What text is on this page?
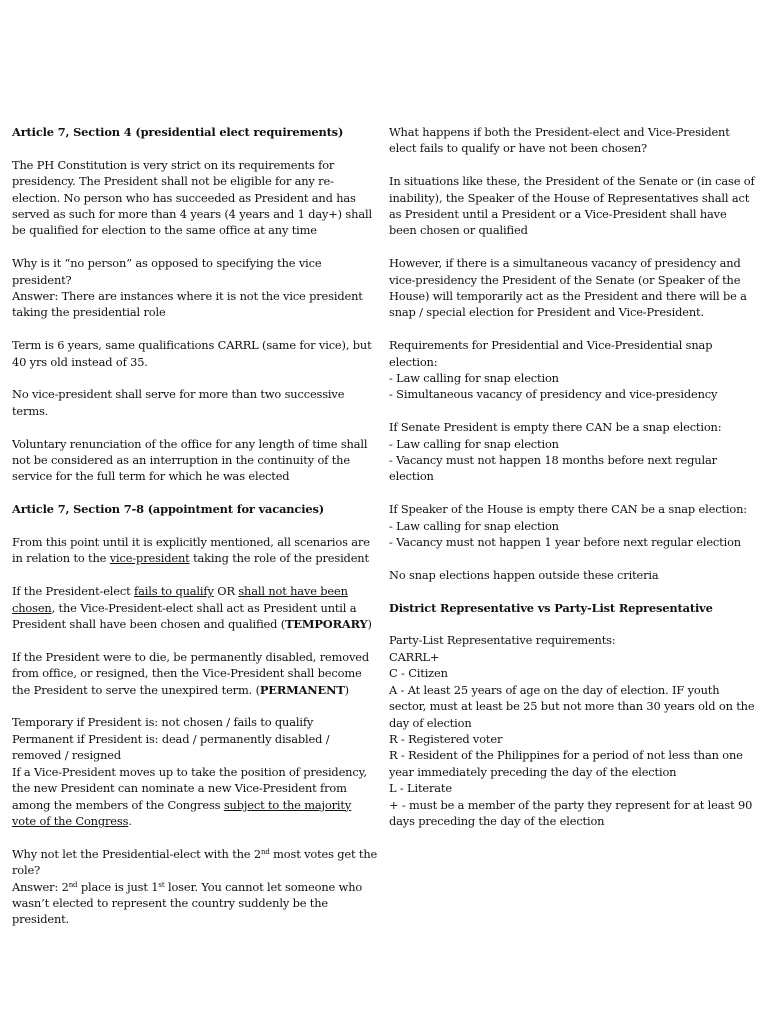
Article 7, Section 4 (presidential elect requirements)

The PH Constitution is very strict on its requirements for presidency. The President shall not be eligible for any re-election. No person who has succeeded as President and has served as such for more than 4 years (4 years and 1 day+) shall be qualified for election to the same office at any time

Why is it “no person” as opposed to specifying the vice president?
Answer: There are instances where it is not the vice president taking the presidential role

Term is 6 years, same qualifications CARRL (same for vice), but 40 yrs old instead of 35.

No vice-president shall serve for more than two successive terms.

Voluntary renunciation of the office for any length of time shall not be considered as an interruption in the continuity of the service for the full term for which he was elected

Article 7, Section 7-8 (appointment for vacancies)

From this point until it is explicitly mentioned, all scenarios are in relation to the vice-president taking the role of the president

If the President-elect fails to qualify OR shall not have been chosen, the Vice-President-elect shall act as President until a President shall have been chosen and qualified (TEMPORARY)

If the President were to die, be permanently disabled, removed from office, or resigned, then the Vice-President shall become the President to serve the unexpired term. (PERMANENT)

Temporary if President is: not chosen / fails to qualify
Permanent if President is: dead / permanently disabled / removed / resigned
If a Vice-President moves up to take the position of presidency, the new President can nominate a new Vice-President from among the members of the Congress subject to the majority vote of the Congress.

Why not let the Presidential-elect with the 2nd most votes get the role?
Answer: 2nd place is just 1st loser. You cannot let someone who wasn’t elected to represent the country suddenly be the president.

What happens if both the President-elect and Vice-President elect fails to qualify or have not been chosen?

In situations like these, the President of the Senate or (in case of inability), the Speaker of the House of Representatives shall act as President until a President or a Vice-President shall have been chosen or qualified

However, if there is a simultaneous vacancy of presidency and vice-presidency the President of the Senate (or Speaker of the House) will temporarily act as the President and there will be a snap / special election for President and Vice-President.

Requirements for Presidential and Vice-Presidential snap election:
- Law calling for snap election
- Simultaneous vacancy of presidency and vice-presidency

If Senate President is empty there CAN be a snap election:
- Law calling for snap election
- Vacancy must not happen 18 months before next regular election

If Speaker of the House is empty there CAN be a snap election:
- Law calling for snap election
- Vacancy must not happen 1 year before next regular election

No snap elections happen outside these criteria

District Representative vs Party-List Representative

Party-List Representative requirements:
CARRL+
C - Citizen
A - At least 25 years of age on the day of election. IF youth sector, must at least be 25 but not more than 30 years old on the day of election
R - Registered voter
R - Resident of the Philippines for a period of not less than one year immediately preceding the day of the election
L - Literate
+ - must be a member of the party they represent for at least 90 days preceding the day of the election
